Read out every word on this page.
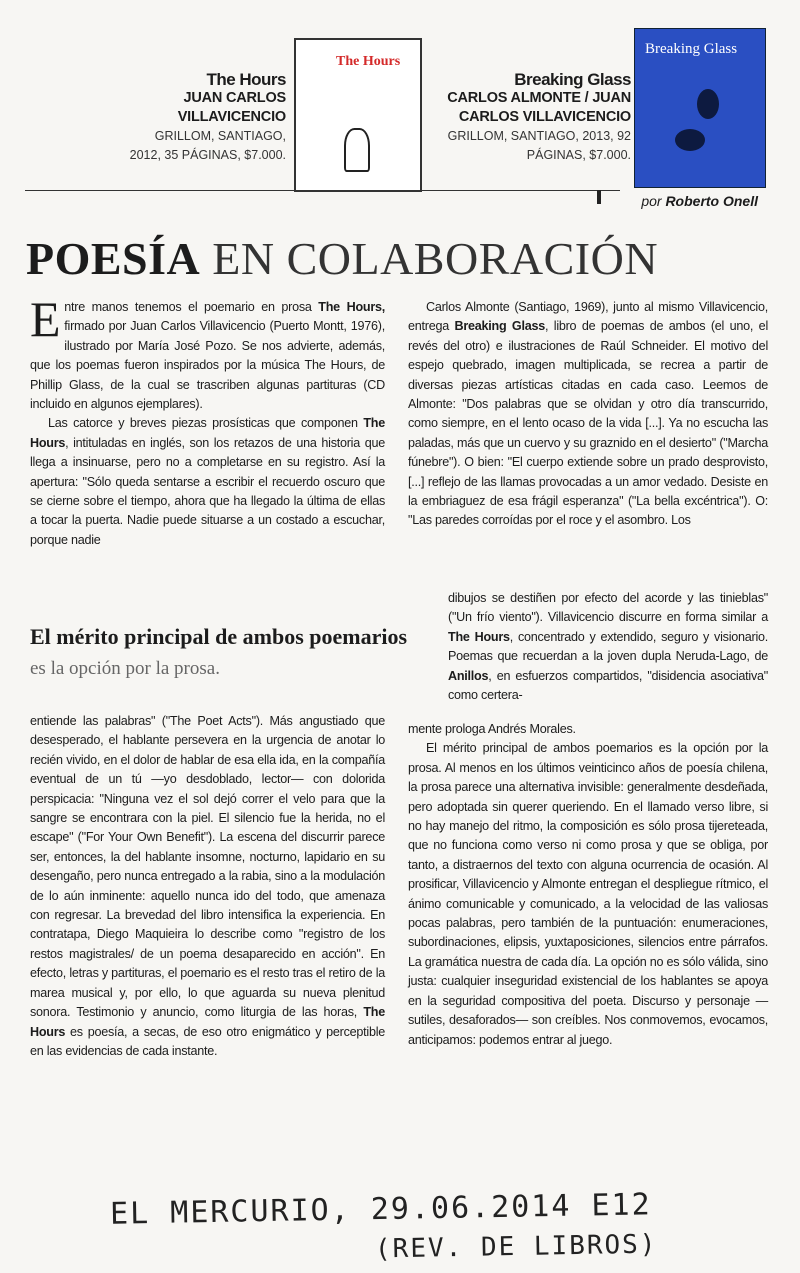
The Hours
JUAN CARLOS VILLAVICENCIO
GRILLOM, SANTIAGO, 2012, 35 PÁGINAS, $7.000.
The Hours
Breaking Glass
CARLOS ALMONTE / JUAN CARLOS VILLAVICENCIO
GRILLOM, SANTIAGO, 2013, 92 PÁGINAS, $7.000.
Breaking Glass
por Roberto Onell
POESÍA EN COLABORACIÓN

Entre manos tenemos el poemario en prosa The Hours, firmado por Juan Carlos Villavicencio (Puerto Montt, 1976), ilustrado por María José Pozo. Se nos advierte, además, que los poemas fueron inspirados por la música The Hours, de Phillip Glass, de la cual se trascriben algunas partituras (CD incluido en algunos ejemplares).

Las catorce y breves piezas prosísticas que componen The Hours, intituladas en inglés, son los retazos de una historia que llega a insinuarse, pero no a completarse en su registro. Así la apertura: "Sólo queda sentarse a escribir el recuerdo oscuro que se cierne sobre el tiempo, ahora que ha llegado la última de ellas a tocar la puerta. Nadie puede situarse a un costado a escuchar, porque nadie

El mérito principal de ambos poemarios es la opción por la prosa.

entiende las palabras" ("The Poet Acts"). Más angustiado que desesperado, el hablante persevera en la urgencia de anotar lo recién vivido, en el dolor de hablar de esa ella ida, en la compañía eventual de un tú —yo desdoblado, lector— con dolorida perspicacia: "Ninguna vez el sol dejó correr el velo para que la sangre se encontrara con la piel. El silencio fue la herida, no el escape" ("For Your Own Benefit"). La escena del discurrir parece ser, entonces, la del hablante insomne, nocturno, lapidario en su desengaño, pero nunca entregado a la rabia, sino a la modulación de lo aún inminente: aquello nunca ido del todo, que amenaza con regresar. La brevedad del libro intensifica la experiencia. En contratapa, Diego Maquieira lo describe como "registro de los restos magistrales/ de un poema desaparecido en acción". En efecto, letras y partituras, el poemario es el resto tras el retiro de la marea musical y, por ello, lo que aguarda su nueva plenitud sonora. Testimonio y anuncio, como liturgia de las horas, The Hours es poesía, a secas, de eso otro enigmático y perceptible en las evidencias de cada instante.

Carlos Almonte (Santiago, 1969), junto al mismo Villavicencio, entrega Breaking Glass, libro de poemas de ambos (el uno, el revés del otro) e ilustraciones de Raúl Schneider. El motivo del espejo quebrado, imagen multiplicada, se recrea a partir de diversas piezas artísticas citadas en cada caso. Leemos de Almonte: "Dos palabras que se olvidan y otro día transcurrido, como siempre, en el lento ocaso de la vida [...]. Ya no escucha las paladas, más que un cuervo y su graznido en el desierto" ("Marcha fúnebre"). O bien: "El cuerpo extiende sobre un prado desprovisto, [...] reflejo de las llamas provocadas a un amor vedado. Desiste en la embriaguez de esa frágil esperanza" ("La bella excéntrica"). O: "Las paredes corroídas por el roce y el asombro. Los

dibujos se destiñen por efecto del acorde y las tinieblas" ("Un frío viento"). Villavicencio discurre en forma similar a The Hours, concentrado y extendido, seguro y visionario. Poemas que recuerdan a la joven dupla Neruda-Lago, de Anillos, en esfuerzos compartidos, "disidencia asociativa" como certera-

mente prologa Andrés Morales.

El mérito principal de ambos poemarios es la opción por la prosa. Al menos en los últimos veinticinco años de poesía chilena, la prosa parece una alternativa invisible: generalmente desdeñada, pero adoptada sin querer queriendo. En el llamado verso libre, si no hay manejo del ritmo, la composición es sólo prosa tijereteada, que no funciona como verso ni como prosa y que se obliga, por tanto, a distraernos del texto con alguna ocurrencia de ocasión. Al prosificar, Villavicencio y Almonte entregan el despliegue rítmico, el ánimo comunicable y comunicado, a la velocidad de las valiosas pocas palabras, pero también de la puntuación: enumeraciones, subordinaciones, elipsis, yuxtaposiciones, silencios entre párrafos. La gramática nuestra de cada día. La opción no es sólo válida, sino justa: cualquier inseguridad existencial de los hablantes se apoya en la seguridad compositiva del poeta. Discurso y personaje —sutiles, desaforados— son creíbles. Nos conmovemos, evocamos, anticipamos: podemos entrar al juego.

EL MERCURIO, 29.06.2014 E12
(REV. DE LIBROS)
